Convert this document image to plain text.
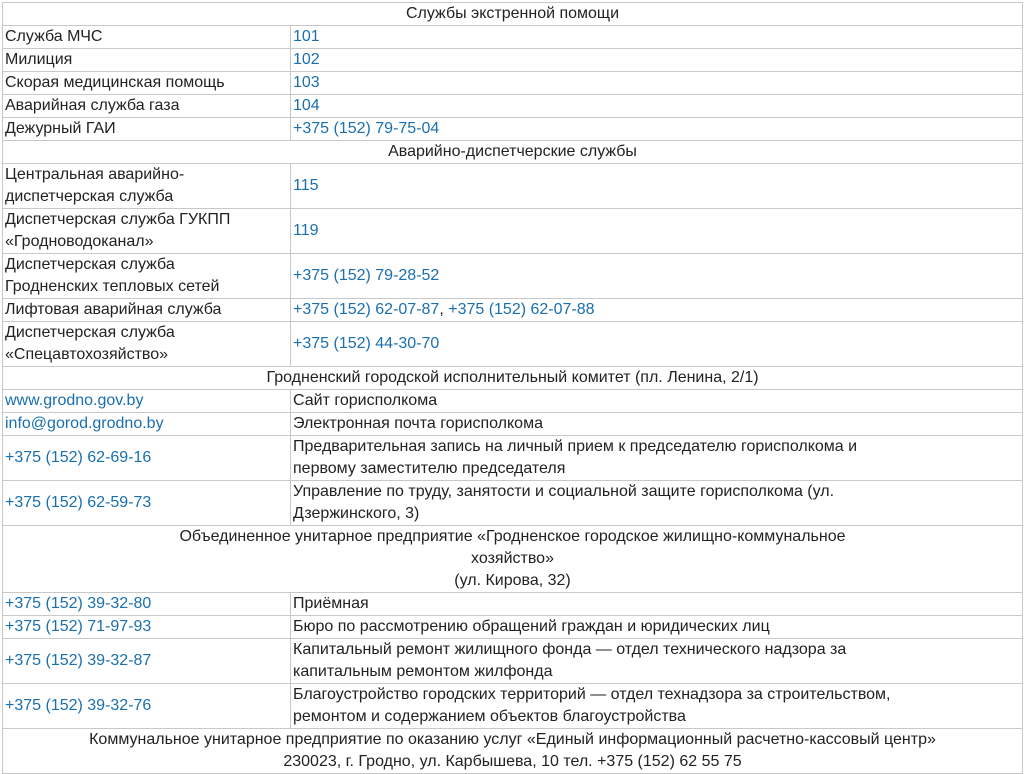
Службы экстренной помощи	
Служба МЧС	101
Милиция	102
Скорая медицинская помощь	103
Аварийная служба газа	104
Дежурный ГАИ	+375 (152) 79-75-04
Аварийно-диспетчерские службы	
Центральная аварийно-
диспетчерская служба	115
Диспетчерская служба ГУКПП
«Гродноводоканал»	119
Диспетчерская служба
Гродненских тепловых сетей	+375 (152) 79-28-52
Лифтовая аварийная служба	+375 (152) 62-07-87, +375 (152) 62-07-88
Диспетчерская служба
«Спецавтохозяйство»	+375 (152) 44-30-70
Гродненский городской исполнительный комитет (пл. Ленина, 2/1)	
www.grodno.gov.by	Сайт горисполкома
info@gorod.grodno.by	Электронная почта горисполкома
+375 (152) 62-69-16	Предварительная запись на личный прием к председателю горисполкома и
первому заместителю председателя
+375 (152) 62-59-73	Управление по труду, занятости и социальной защите горисполкома (ул.
Дзержинского, 3)
Объединенное унитарное предприятие «Гродненское городское жилищно-коммунальное
хозяйство»
(ул. Кирова, 32)	
+375 (152) 39-32-80	Приёмная
+375 (152) 71-97-93	Бюро по рассмотрению обращений граждан и юридических лиц
+375 (152) 39-32-87	Капитальный ремонт жилищного фонда — отдел технического надзора за
капитальным ремонтом жилфонда
+375 (152) 39-32-76	Благоустройство городских территорий — отдел технадзора за строительством,
ремонтом и содержанием объектов благоустройства
Коммунальное унитарное предприятие по оказанию услуг «Единый информационный расчетно-кассовый центр»
230023, г. Гродно, ул. Карбышева, 10 тел. +375 (152) 62 55 75	
